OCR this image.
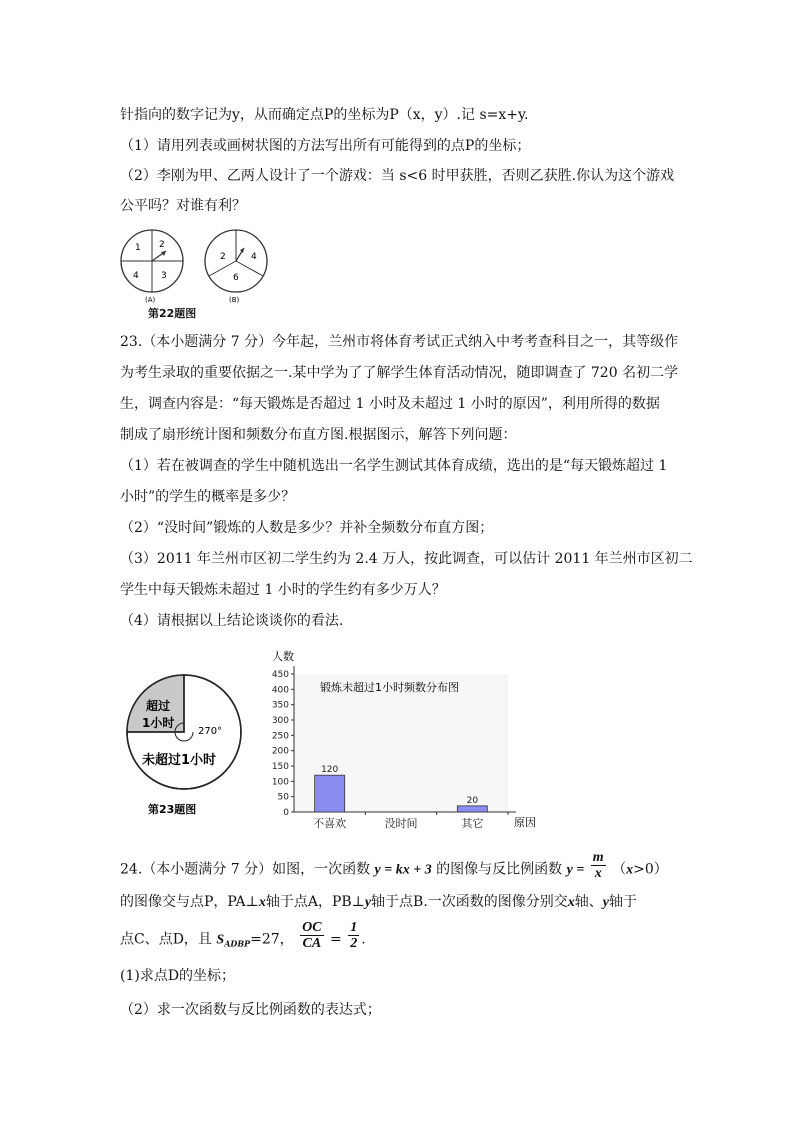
针指向的数字记为y，从而确定点P的坐标为P（x，y）.记 s=x+y.
（1）请用列表或画树状图的方法写出所有可能得到的点P的坐标；
（2）李刚为甲、乙两人设计了一个游戏：当 s<6 时甲获胜，否则乙获胜.你认为这个游戏
公平吗？对谁有利？
1 2
4 3
(A)
2	4
6
(B)
第22题图
23.（本小题满分 7 分）今年起，兰州市将体育考试正式纳入中考考查科目之一，其等级作
为考生录取的重要依据之一.某中学为了了解学生体育活动情况，随即调查了 720 名初二学
生，调查内容是：“每天锻炼是否超过 1 小时及未超过 1 小时的原因”，利用所得的数据
制成了扇形统计图和频数分布直方图.根据图示，解答下列问题：
（1）若在被调查的学生中随机选出一名学生测试其体育成绩，选出的是“每天锻炼超过 1
小时”的学生的概率是多少？
（2）“没时间”锻炼的人数是多少？并补全频数分布直方图；
（3）2011 年兰州市区初二学生约为 2.4 万人，按此调查，可以估计 2011 年兰州市区初二
学生中每天锻炼未超过 1 小时的学生约有多少万人？
（4）请根据以上结论谈谈你的看法.
超过
1小时
270°
未超过1小时
第23题图
人数
锻炼未超过1小时频数分布图
原因
0
50
100
150
200
250
300
350
400
450
不喜欢
120
没时间	其它
20
24.（本小题满分 7 分）如图，一次函数 y = kx + 3 的图像与反比例函数 $y = \frac{m}{x} (x>0)$
的图像交与点P，PA⊥x轴于点A，PB⊥y轴于点B.一次函数的图像分别交x轴、y轴于
点C、点D，且 $S_{ADBP}=27$， $\frac{OC}{CA} = \frac{1}{2}$ .
(1)求点D的坐标；
（2）求一次函数与反比例函数的表达式；
